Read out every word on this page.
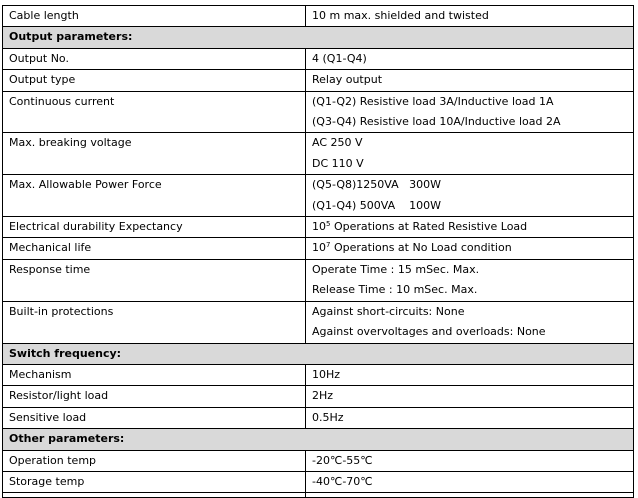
Cable length	10 m max. shielded and twisted

Output parameters:	
Output No.	4 (Q1-Q4)

Output type	Relay output

Continuous current	(Q1-Q2) Resistive load 3A/Inductive load 1A
(Q3-Q4) Resistive load 10A/Inductive load 2A

Max. breaking voltage	AC 250 V
DC 110 V

Max. Allowable Power Force	(Q5-Q8)1250VA   300W
(Q1-Q4) 500VA    100W

Electrical durability Expectancy	$10^5$ Operations at Rated Resistive Load
Mechanical life	$10^7$ Operations at No Load condition
Response time	Operate Time : 15 mSec. Max.
Release Time : 10 mSec. Max.

Built-in protections	Against short-circuits: None
Against overvoltages and overloads: None

Switch frequency:	
Mechanism	10Hz

Resistor/light load	2Hz

Sensitive load	0.5Hz

Other parameters:	
Operation temp	-20℃-55℃

Storage temp	-40℃-70℃
